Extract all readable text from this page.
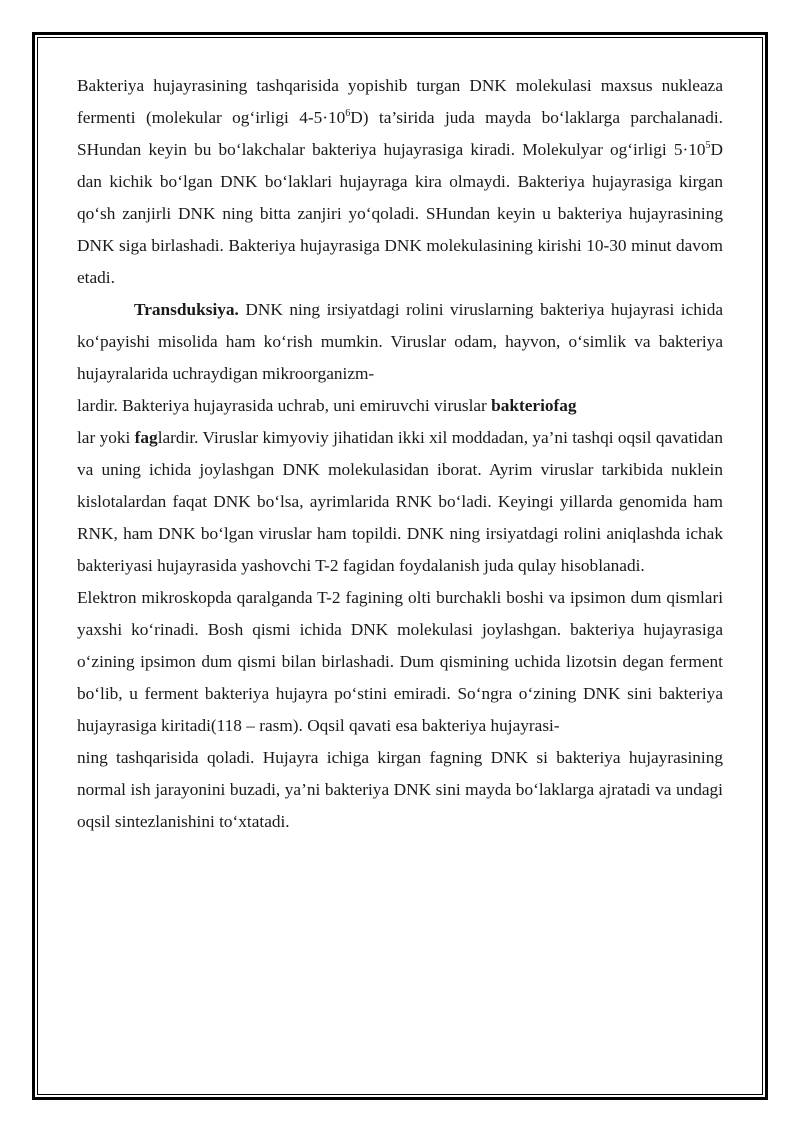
Bakteriya hujayrasining tashqarisida yopishib turgan DNK molekulasi maxsus nukleaza fermenti (molekular og‘irligi $4-5\cdot 10^6D$) ta’sirida juda mayda bo‘laklarga parchalanadi. SHundan keyin bu bo‘lakchalar bakteriya hujayrasiga kiradi. Molekulyar og‘irligi $5\cdot 10^5D$ dan kichik bo‘lgan DNK bo‘laklari hujayraga kira olmaydi. Bakteriya hujayrasiga kirgan qo‘sh zanjirli DNK ning bitta zanjiri yo‘qoladi. SHundan keyin u bakteriya hujayrasining DNK siga birlashadi. Bakteriya hujayrasiga DNK molekulasining kirishi 10-30 minut davom etadi.

Transduksiya. DNK ning irsiyatdagi rolini viruslarning bakteriya hujayrasi ichida ko‘payishi misolida ham ko‘rish mumkin. Viruslar odam, hayvon, o‘simlik va bakteriya hujayralarida uchraydigan mikroorganizm-

lardir. Bakteriya hujayrasida uchrab, uni emiruvchi viruslar bakteriofag

lar yoki faglardir. Viruslar kimyoviy jihatidan ikki xil moddadan, ya’ni tashqi oqsil qavatidan va uning ichida joylashgan DNK molekulasidan iborat. Ayrim viruslar tarkibida nuklein kislotalardan faqat DNK bo‘lsa, ayrimlarida RNK bo‘ladi. Keyingi yillarda genomida ham RNK, ham DNK bo‘lgan viruslar ham topildi. DNK ning irsiyatdagi rolini aniqlashda ichak bakteriyasi hujayrasida yashovchi T-2 fagidan foydalanish juda qulay hisoblanadi.

Elektron mikroskopda qaralganda T-2 fagining olti burchakli boshi va ipsimon dum qismlari yaxshi ko‘rinadi. Bosh qismi ichida DNK molekulasi joylashgan. bakteriya hujayrasiga o‘zining ipsimon dum qismi bilan birlashadi. Dum qismining uchida lizotsin degan ferment bo‘lib, u ferment bakteriya hujayra po‘stini emiradi. So‘ngra o‘zining DNK sini bakteriya hujayrasiga kiritadi(118 – rasm). Oqsil qavati esa bakteriya hujayrasi-

ning tashqarisida qoladi. Hujayra ichiga kirgan fagning DNK si bakteriya hujayrasining normal ish jarayonini buzadi, ya’ni bakteriya DNK sini mayda bo‘laklarga ajratadi va undagi oqsil sintezlanishini to‘xtatadi.
